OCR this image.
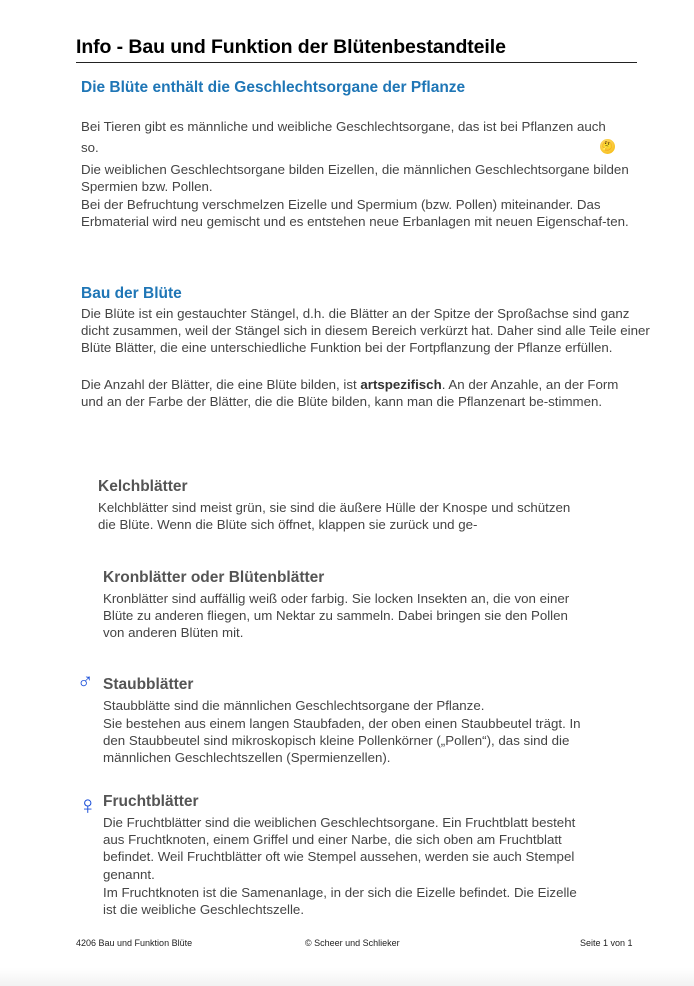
Info - Bau und Funktion der Blütenbestandteile
Die Blüte enthält die Geschlechtsorgane der Pflanze
Bei Tieren gibt es männliche und weibliche Geschlechtsorgane, das ist bei Pflanzen auch
so.	🤔
Die weiblichen Geschlechtsorgane bilden Eizellen, die männlichen Geschlechtsorgane bilden Spermien bzw. Pollen.
Bei der Befruchtung verschmelzen Eizelle und Spermium (bzw. Pollen) miteinander. Das Erbmaterial wird neu gemischt und es entstehen neue Erbanlagen mit neuen Eigenschaf-ten.
Bau der Blüte
Die Blüte ist ein gestauchter Stängel, d.h. die Blätter an der Spitze der Sproßachse sind ganz dicht zusammen, weil der Stängel sich in diesem Bereich verkürzt hat. Daher sind alle Teile einer Blüte Blätter, die eine unterschiedliche Funktion bei der Fortpflanzung der Pflanze erfüllen.
Die Anzahl der Blätter, die eine Blüte bilden, ist artspezifisch. An der Anzahle, an der Form und an der Farbe der Blätter, die die Blüte bilden, kann man die Pflanzenart be-stimmen.
Kelchblätter
Kelchblätter sind meist grün, sie sind die äußere Hülle der Knospe und schützen die Blüte. Wenn die Blüte sich öffnet, klappen sie zurück und ge-
Kronblätter oder Blütenblätter
Kronblätter sind auffällig weiß oder farbig. Sie locken Insekten an, die von einer Blüte zu anderen fliegen, um Nektar zu sammeln. Dabei bringen sie den Pollen von anderen Blüten mit.
♂ Staubblätter
Staubblätte sind die männlichen Geschlechtsorgane der Pflanze.
Sie bestehen aus einem langen Staubfaden, der oben einen Staubbeutel trägt. In den Staubbeutel sind mikroskopisch kleine Pollenkörner („Pollen“), das sind die männlichen Geschlechtszellen (Spermienzellen).
♀ Fruchtblätter
Die Fruchtblätter sind die weiblichen Geschlechtsorgane. Ein Fruchtblatt besteht aus Fruchtknoten, einem Griffel und einer Narbe, die sich oben am Fruchtblatt befindet. Weil Fruchtblätter oft wie Stempel aussehen, werden sie auch Stempel genannt.
Im Fruchtknoten ist die Samenanlage, in der sich die Eizelle befindet. Die Eizelle ist die weibliche Geschlechtszelle.
4206 Bau und Funktion Blüte	© Scheer und Schlieker	Seite 1 von 1
